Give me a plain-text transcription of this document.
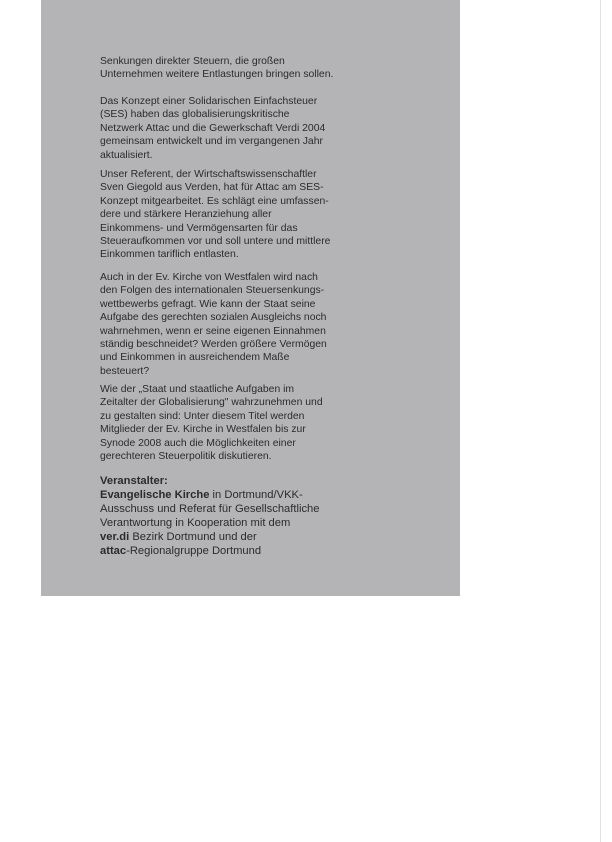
Senkungen direkter Steuern, die großen
Unternehmen weitere Entlastungen bringen sollen.
Das Konzept einer Solidarischen Einfachsteuer
(SES) haben das globalisierungskritische
Netzwerk Attac und die Gewerkschaft Verdi 2004
gemeinsam entwickelt und im vergangenen Jahr
aktualisiert.
Unser Referent, der Wirtschaftswissenschaftler
Sven Giegold aus Verden, hat für Attac am SES-
Konzept mitgearbeitet. Es schlägt eine umfassen-
dere und stärkere Heranziehung aller
Einkommens- und Vermögensarten für das
Steueraufkommen vor und soll untere und mittlere
Einkommen tariflich entlasten.
Auch in der Ev. Kirche von Westfalen wird nach
den Folgen des internationalen Steuersenkungs-
wettbewerbs gefragt. Wie kann der Staat seine
Aufgabe des gerechten sozialen Ausgleichs noch
wahrnehmen, wenn er seine eigenen Einnahmen
ständig beschneidet? Werden größere Vermögen
und Einkommen in ausreichendem Maße
besteuert?
Wie der „Staat und staatliche Aufgaben im
Zeitalter der Globalisierung" wahrzunehmen und
zu gestalten sind: Unter diesem Titel werden
Mitglieder der Ev. Kirche in Westfalen bis zur
Synode 2008 auch die Möglichkeiten einer
gerechteren Steuerpolitik diskutieren.
Veranstalter:
Evangelische Kirche in Dortmund/VKK-
Ausschuss und Referat für Gesellschaftliche
Verantwortung in Kooperation mit dem
ver.di Bezirk Dortmund und der
attac-Regionalgruppe Dortmund
